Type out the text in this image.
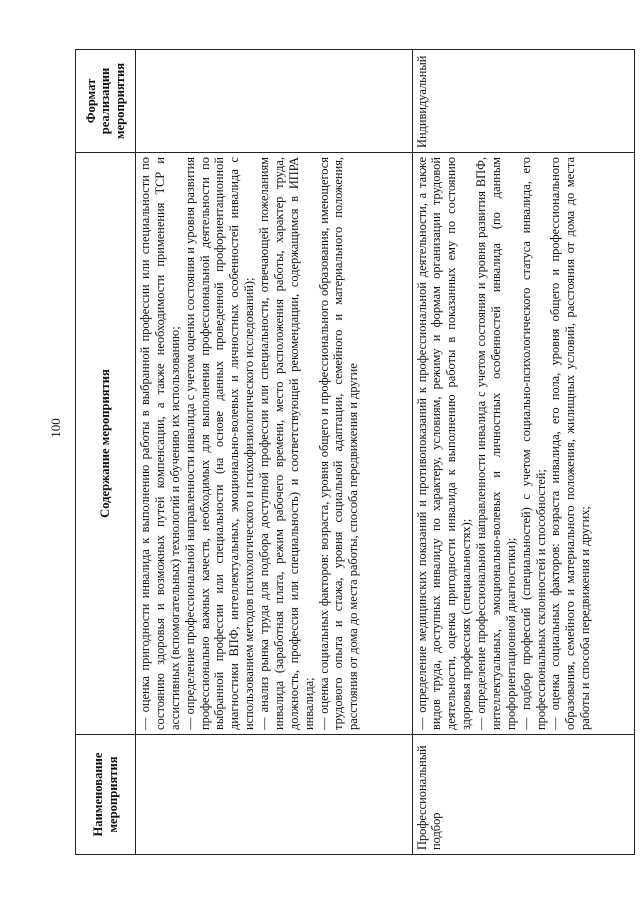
100
Наименование мероприятия	Содержание мероприятия	Формат реализации мероприятия

	— оценка пригодности инвалида к выполнению работы в выбранной профессии или специальности по состоянию здоровья и возможных путей компенсации, а также необходимости применения ТСР и ассистивных (вспомогательных) технологий и обучению их использованию; — определение профессиональной направленности инвалида с учетом оценки состояния и уровня развития профессионально важных качеств, необходимых для выполнения профессиональной деятельности по выбранной профессии или специальности (на основе данных проведенной профориентационной диагностики ВПФ, интеллектуальных, эмоционально-волевых и личностных особенностей инвалида с использованием методов психологического и психофизиологического исследований); — анализ рынка труда для подбора доступной профессии или специальности, отвечающей пожеланиям инвалида (заработная плата, режим рабочего времени, место расположения работы, характер труда, должность, профессия или специальность) и соответствующей рекомендации, содержащимся в ИПРА инвалида; — оценка социальных факторов: возраста, уровня общего и профессионального образования, имеющегося трудового опыта и стажа, уровня социальной адаптации, семейного и материального положения, расстояния от дома до места работы, способа передвижения и другие	

Профессиональный подбор	— определение медицинских показаний и противопоказаний к профессиональной деятельности, а также видов труда, доступных инвалиду по характеру, условиям, режиму и формам организации трудовой деятельности, оценка пригодности инвалида к выполнению работы в показанных ему по состоянию здоровья профессиях (специальностях); — определение профессиональной направленности инвалида с учетом состояния и уровня развития ВПФ, интеллектуальных, эмоционально-волевых и личностных особенностей инвалида (по данным профориентационной диагностики); — подбор профессий (специальностей) с учетом социально-психологического статуса инвалида, его профессиональных склонностей и способностей; — оценка социальных факторов: возраста инвалида, его пола, уровня общего и профессионального образования, семейного и материального положения, жилищных условий, расстояния от дома до места работы и способа передвижения и других;	Индивидуальный
